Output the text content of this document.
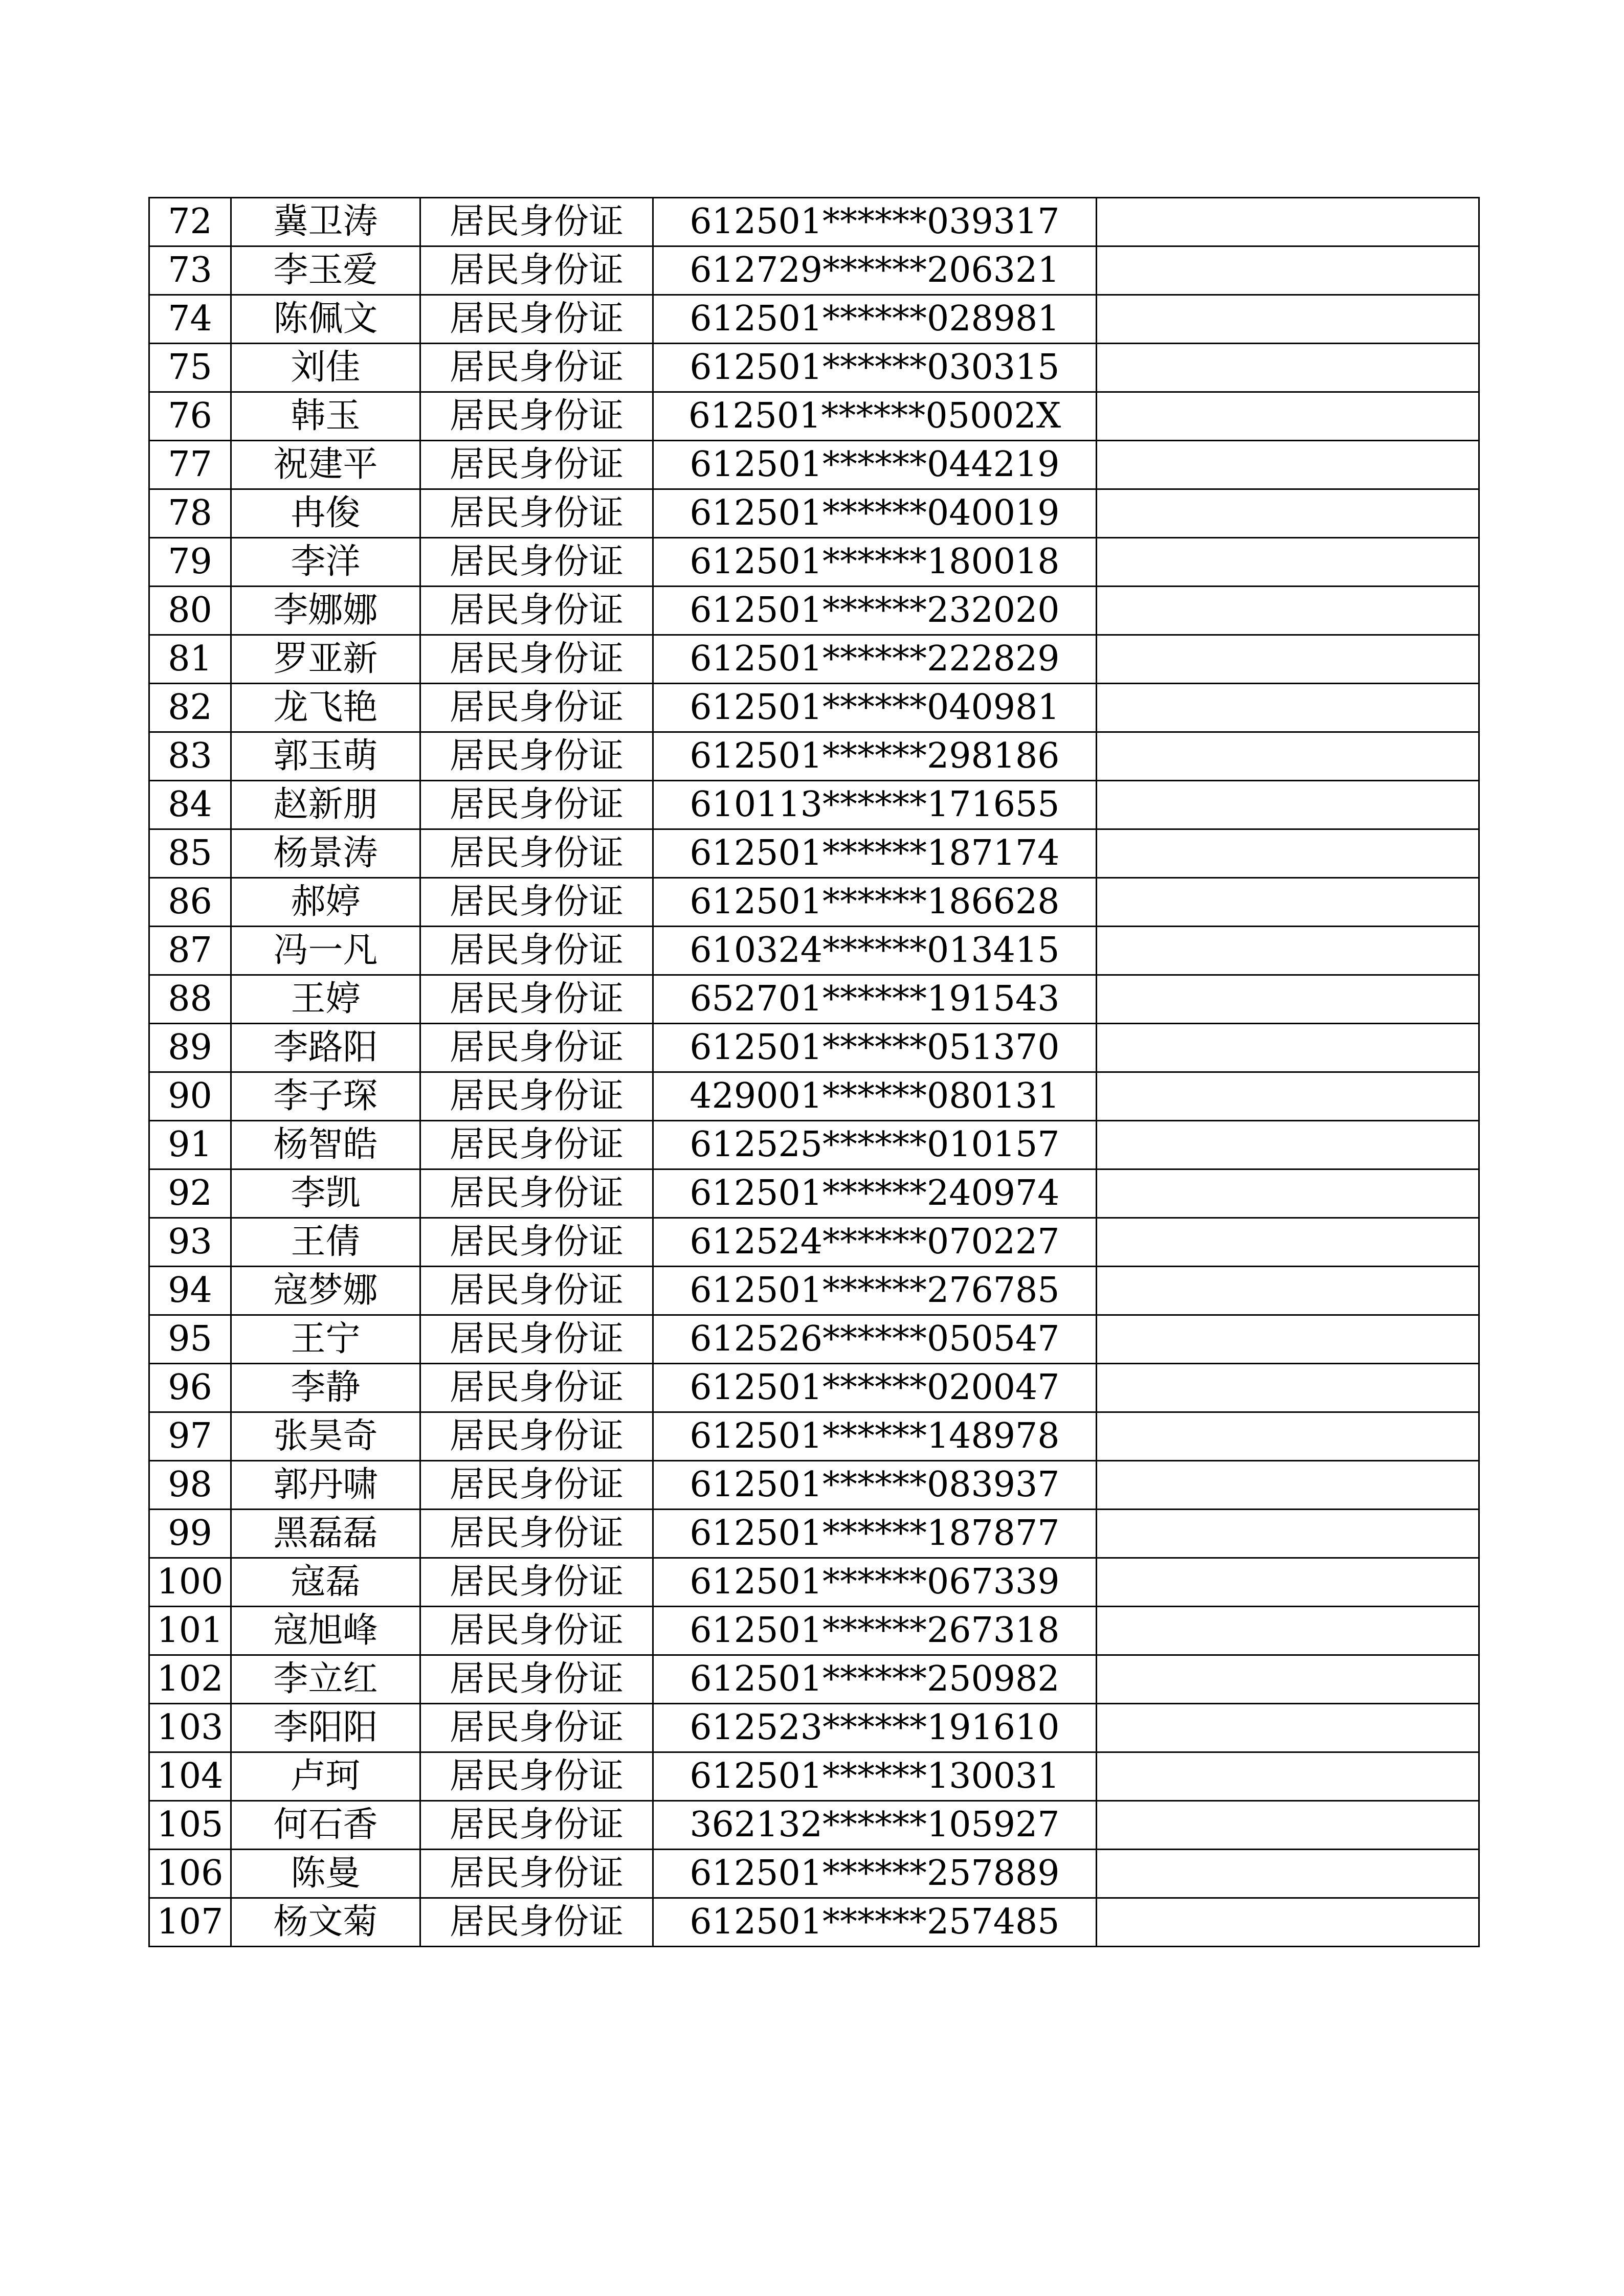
72	冀卫涛	居民身份证	612501******039317	
73	李玉爱	居民身份证	612729******206321	
74	陈佩文	居民身份证	612501******028981	
75	刘佳	居民身份证	612501******030315	
76	韩玉	居民身份证	612501******05002X	
77	祝建平	居民身份证	612501******044219	
78	冉俊	居民身份证	612501******040019	
79	李洋	居民身份证	612501******180018	
80	李娜娜	居民身份证	612501******232020	
81	罗亚新	居民身份证	612501******222829	
82	龙飞艳	居民身份证	612501******040981	
83	郭玉萌	居民身份证	612501******298186	
84	赵新朋	居民身份证	610113******171655	
85	杨景涛	居民身份证	612501******187174	
86	郝婷	居民身份证	612501******186628	
87	冯一凡	居民身份证	610324******013415	
88	王婷	居民身份证	652701******191543	
89	李路阳	居民身份证	612501******051370	
90	李子琛	居民身份证	429001******080131	
91	杨智皓	居民身份证	612525******010157	
92	李凯	居民身份证	612501******240974	
93	王倩	居民身份证	612524******070227	
94	寇梦娜	居民身份证	612501******276785	
95	王宁	居民身份证	612526******050547	
96	李静	居民身份证	612501******020047	
97	张昊奇	居民身份证	612501******148978	
98	郭丹啸	居民身份证	612501******083937	
99	黑磊磊	居民身份证	612501******187877	
100	寇磊	居民身份证	612501******067339	
101	寇旭峰	居民身份证	612501******267318	
102	李立红	居民身份证	612501******250982	
103	李阳阳	居民身份证	612523******191610	
104	卢珂	居民身份证	612501******130031	
105	何石香	居民身份证	362132******105927	
106	陈曼	居民身份证	612501******257889	
107	杨文菊	居民身份证	612501******257485	
